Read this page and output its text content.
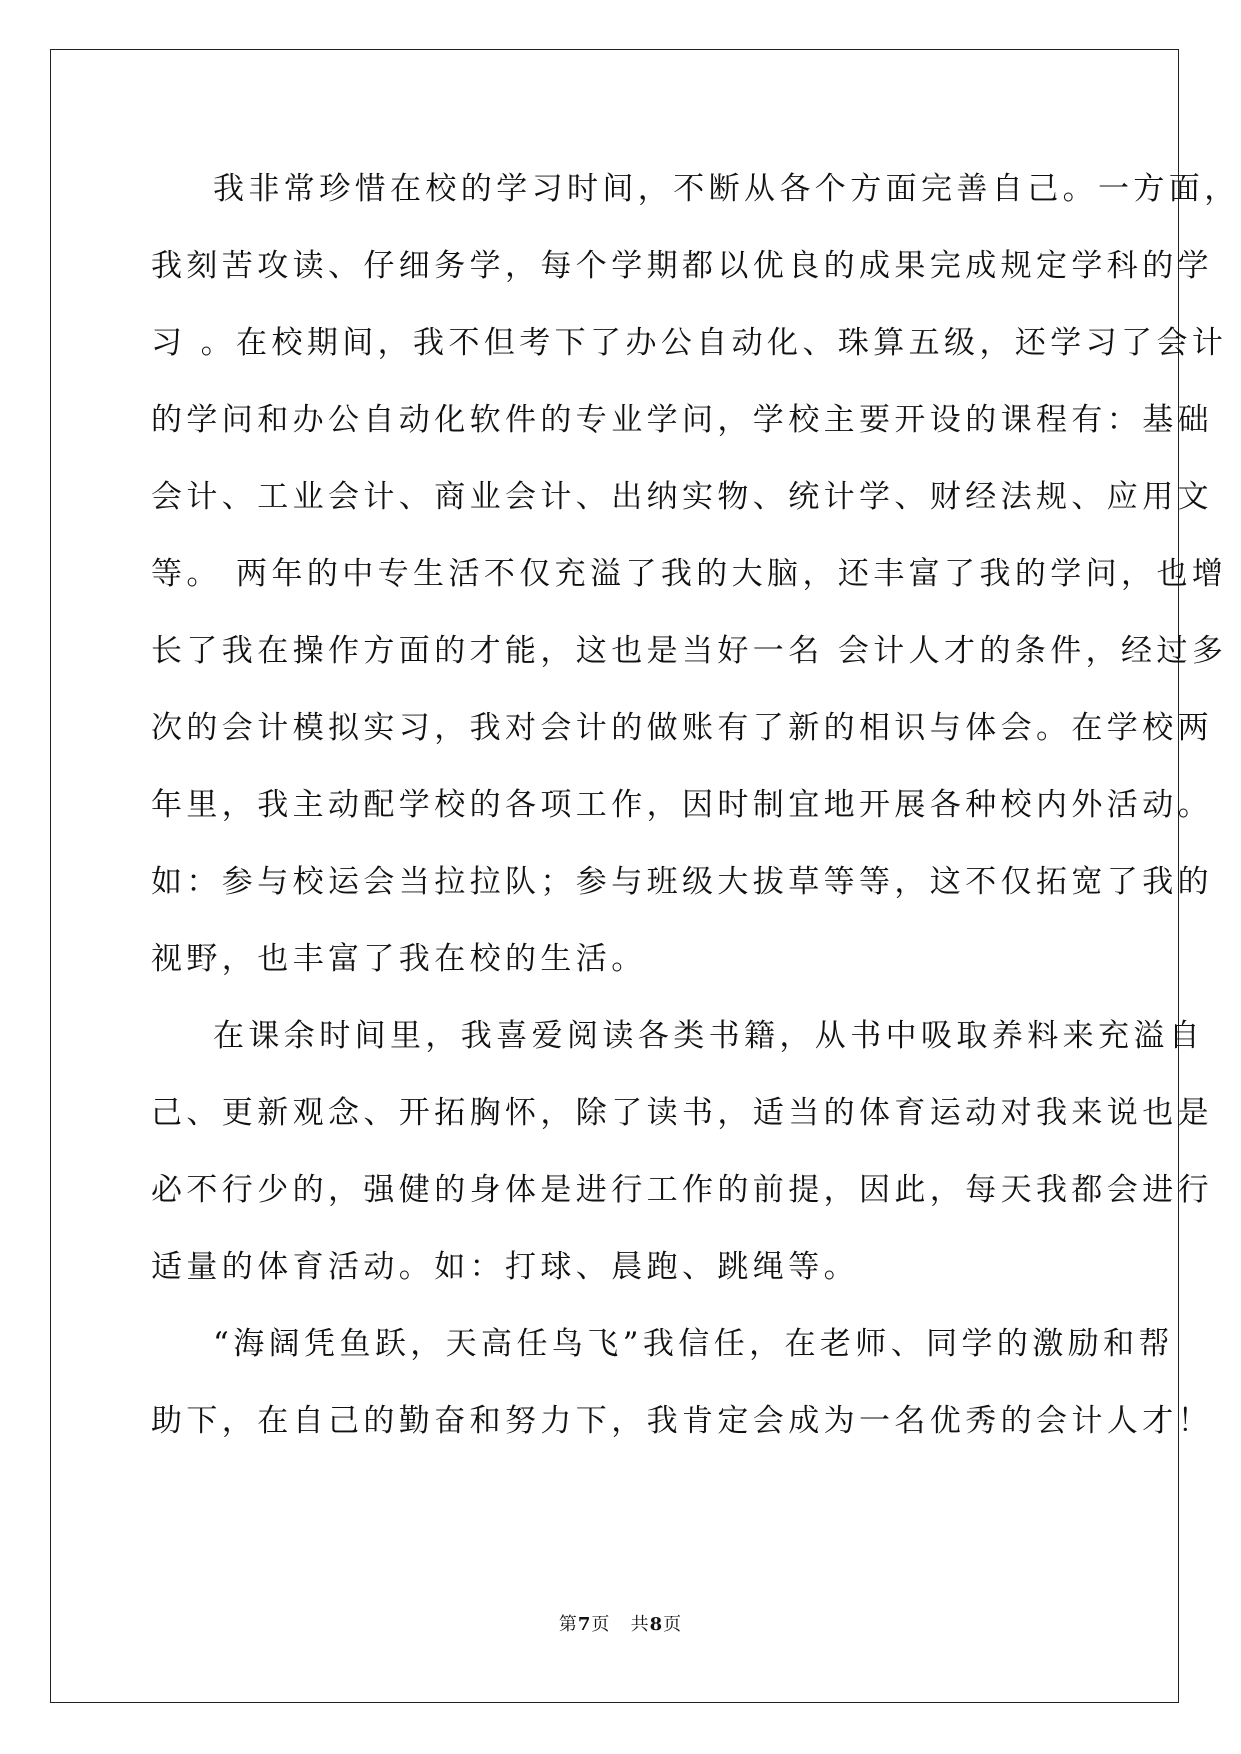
我非常珍惜在校的学习时间，不断从各个方面完善自己。一方面，
我刻苦攻读、仔细务学，每个学期都以优良的成果完成规定学科的学
习 。在校期间，我不但考下了办公自动化、珠算五级，还学习了会计
的学问和办公自动化软件的专业学问，学校主要开设的课程有：基础
会计、工业会计、商业会计、出纳实物、统计学、财经法规、应用文
等。 两年的中专生活不仅充溢了我的大脑，还丰富了我的学问，也增
长了我在操作方面的才能，这也是当好一名 会计人才的条件，经过多
次的会计模拟实习，我对会计的做账有了新的相识与体会。在学校两
年里，我主动配学校的各项工作，因时制宜地开展各种校内外活动。
如：参与校运会当拉拉队；参与班级大拔草等等，这不仅拓宽了我的
视野，也丰富了我在校的生活。
在课余时间里，我喜爱阅读各类书籍，从书中吸取养料来充溢自
己、更新观念、开拓胸怀，除了读书，适当的体育运动对我来说也是
必不行少的，强健的身体是进行工作的前提，因此，每天我都会进行
适量的体育活动。如：打球、晨跑、跳绳等。
“海阔凭鱼跃，天高任鸟飞”我信任，在老师、同学的激励和帮
助下，在自己的勤奋和努力下，我肯定会成为一名优秀的会计人才！
第7页 共8页
